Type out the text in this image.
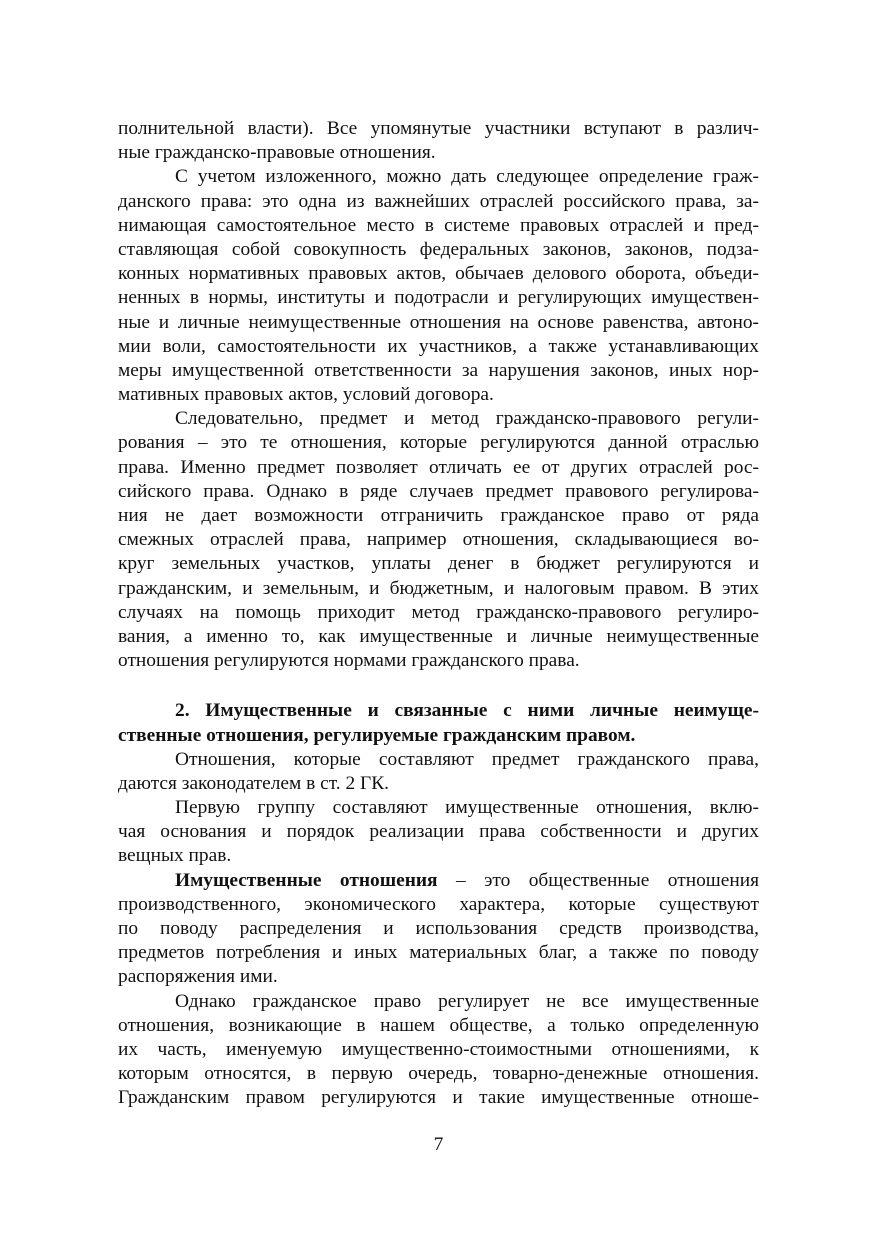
полнительной власти). Все упомянутые участники вступают в различ-
ные гражданско-правовые отношения.
С учетом изложенного, можно дать следующее определение граж-
данского права: это одна из важнейших отраслей российского права, за-
нимающая самостоятельное место в системе правовых отраслей и пред-
ставляющая собой совокупность федеральных законов, законов, подза-
конных нормативных правовых актов, обычаев делового оборота, объеди-
ненных в нормы, институты и подотрасли и регулирующих имуществен-
ные и личные неимущественные отношения на основе равенства, автоно-
мии воли, самостоятельности их участников, а также устанавливающих
меры имущественной ответственности за нарушения законов, иных нор-
мативных правовых актов, условий договора.
Следовательно, предмет и метод гражданско-правового регули-
рования – это те отношения, которые регулируются данной отраслью
права. Именно предмет позволяет отличать ее от других отраслей рос-
сийского права. Однако в ряде случаев предмет правового регулирова-
ния не дает возможности отграничить гражданское право от ряда
смежных отраслей права, например отношения, складывающиеся во-
круг земельных участков, уплаты денег в бюджет регулируются и
гражданским, и земельным, и бюджетным, и налоговым правом. В этих
случаях на помощь приходит метод гражданско-правового регулиро-
вания, а именно то, как имущественные и личные неимущественные
отношения регулируются нормами гражданского права.
2. Имущественные и связанные с ними личные неимуще-
ственные отношения, регулируемые гражданским правом.
Отношения, которые составляют предмет гражданского права,
даются законодателем в ст. 2 ГК.
Первую группу составляют имущественные отношения, вклю-
чая основания и порядок реализации права собственности и других
вещных прав.
Имущественные отношения – это общественные отношения
производственного, экономического характера, которые существуют
по поводу распределения и использования средств производства,
предметов потребления и иных материальных благ, а также по поводу
распоряжения ими.
Однако гражданское право регулирует не все имущественные
отношения, возникающие в нашем обществе, а только определенную
их часть, именуемую имущественно-стоимостными отношениями, к
которым относятся, в первую очередь, товарно-денежные отношения.
Гражданским правом регулируются и такие имущественные отноше-
7
